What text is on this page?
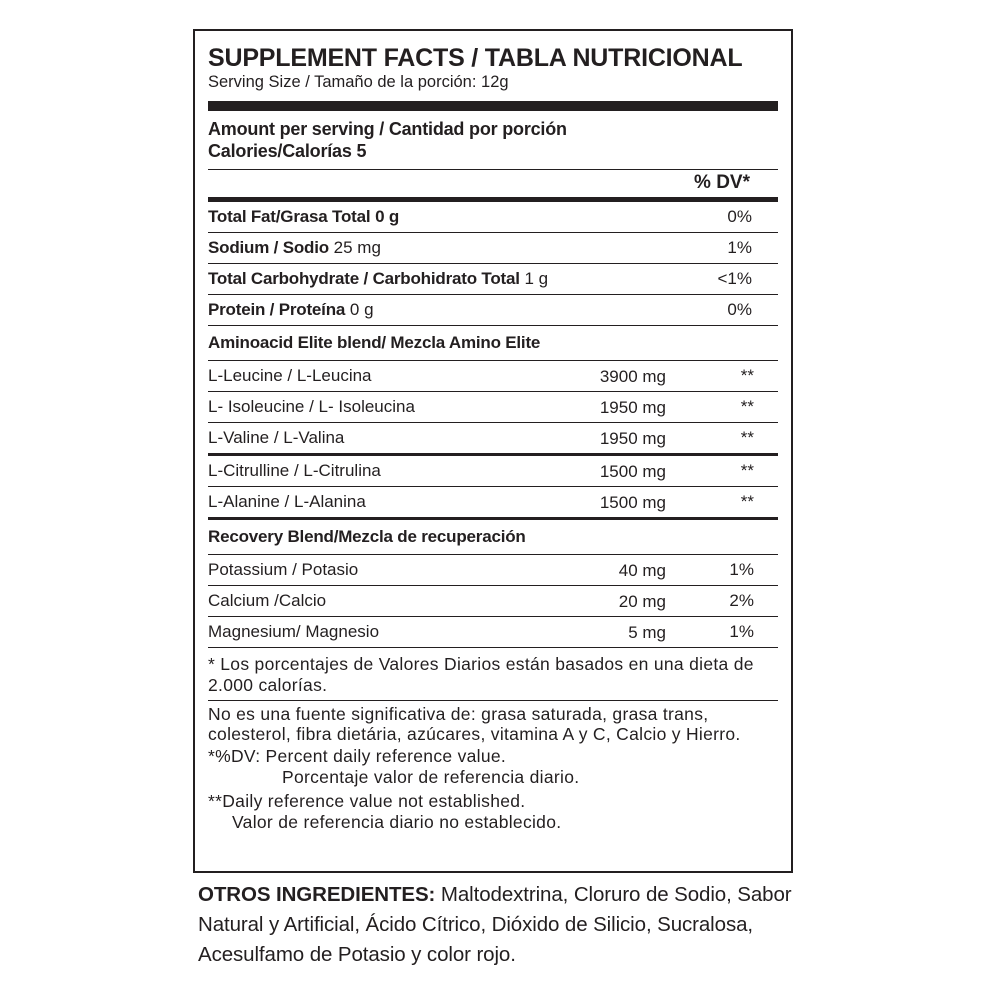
SUPPLEMENT FACTS / TABLA NUTRICIONAL
Serving Size / Tamaño de la porción: 12g
Amount per serving / Cantidad por porción
Calories/Calorías 5
% DV*
Total Fat/Grasa Total 0 g	0%
Sodium / Sodio 25 mg	1%
Total Carbohydrate / Carbohidrato Total 1 g	<1%
Protein / Proteína 0 g	0%
Aminoacid Elite blend/ Mezcla Amino Elite
L-Leucine / L-Leucina	3900 mg	**
L- Isoleucine / L- Isoleucina	1950 mg	**
L-Valine / L-Valina	1950 mg	**
L-Citrulline / L-Citrulina	1500 mg	**
L-Alanine / L-Alanina	1500 mg	**
Recovery Blend/Mezcla de recuperación
Potassium / Potasio	40 mg	1%
Calcium /Calcio	20 mg	2%
Magnesium/ Magnesio	5 mg	1%

* Los porcentajes de Valores Diarios están basados en una dieta de 2.000 calorías.

No es una fuente significativa de: grasa saturada, grasa trans, colesterol, fibra dietária, azúcares, vitamina A y C, Calcio y Hierro.

*%DV: Percent daily reference value.

Porcentaje valor de referencia diario.

**Daily reference value not established.

Valor de referencia diario no establecido.

OTROS INGREDIENTES: Maltodextrina, Cloruro de Sodio, Sabor Natural y Artificial, Ácido Cítrico, Dióxido de Silicio, Sucralosa, Acesulfamo de Potasio y color rojo.
